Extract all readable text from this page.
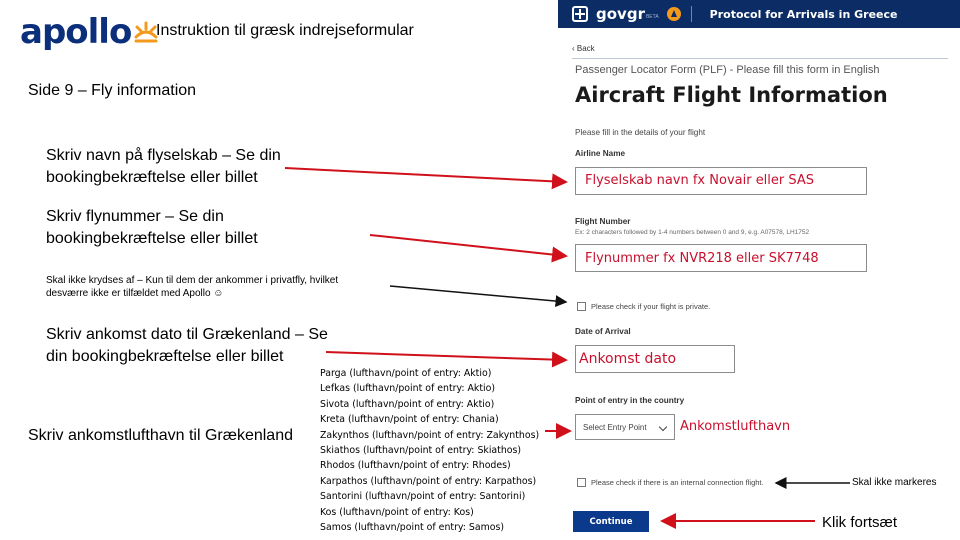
apollo Instruktion til græsk indrejseformular
Side 9 – Fly information
Skriv navn på flyselskab – Se din
bookingbekræftelse eller billet
Skriv flynummer – Se din
bookingbekræftelse eller billet
Skal ikke krydses af – Kun til dem der ankommer i privatfly, hvilket
desværre ikke er tilfældet med Apollo ☺
Skriv ankomst dato til Grækenland – Se
din bookingbekræftelse eller billet
Skriv ankomstlufthavn til Grækenland
Parga (lufthavn/point of entry: Aktio)
Lefkas (lufthavn/point of entry: Aktio)
Sivota (lufthavn/point of entry: Aktio)
Kreta (lufthavn/point of entry: Chania)
Zakynthos (lufthavn/point of entry: Zakynthos)
Skiathos (lufthavn/point of entry: Skiathos)
Rhodos (lufthavn/point of entry: Rhodes)
Karpathos (lufthavn/point of entry: Karpathos)
Santorini (lufthavn/point of entry: Santorini)
Kos (lufthavn/point of entry: Kos)
Samos (lufthavn/point of entry: Samos)
govgr BETA	Protocol for Arrivals in Greece
‹ Back
Passenger Locator Form (PLF) - Please fill this form in English
Aircraft Flight Information
Please fill in the details of your flight
Airline Name
Flyselskab navn fx Novair eller SAS
Flight Number
Ex: 2 characters followed by 1-4 numbers between 0 and 9, e.g. A07578, LH1752
Flynummer fx NVR218 eller SK7748
Please check if your flight is private.
Date of Arrival
Ankomst dato
Point of entry in the country
Select Entry Point	Ankomstlufthavn
Please check if there is an internal connection flight.
Continue
Skal ikke markeres
Klik fortsæt
